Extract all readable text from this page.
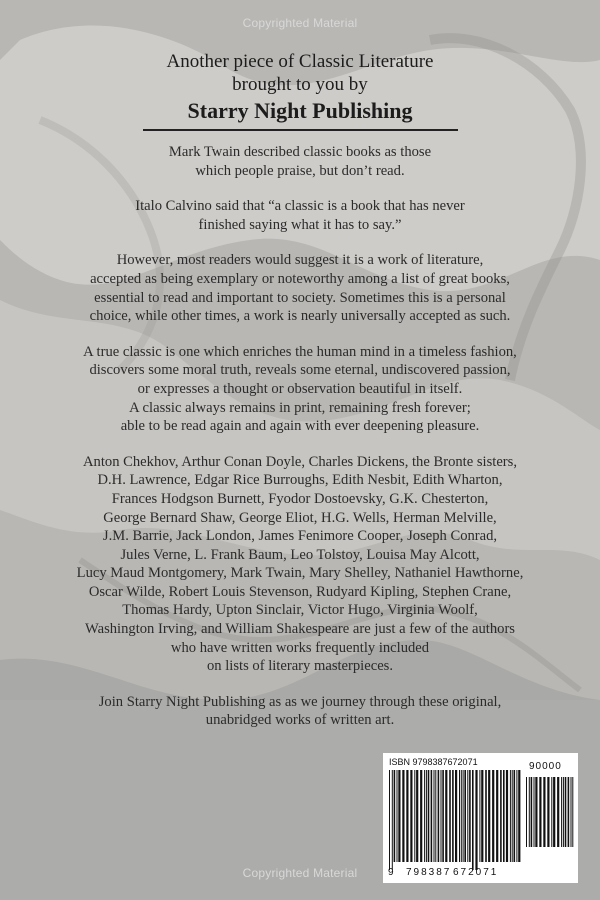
Copyrighted Material
Another piece of Classic Literature
brought to you by
Starry Night Publishing

Mark Twain described classic books as those
which people praise, but don’t read.

Italo Calvino said that “a classic is a book that has never
finished saying what it has to say.”

However, most readers would suggest it is a work of literature,
accepted as being exemplary or noteworthy among a list of great books,
essential to read and important to society. Sometimes this is a personal
choice, while other times, a work is nearly universally accepted as such.

A true classic is one which enriches the human mind in a timeless fashion,
discovers some moral truth, reveals some eternal, undiscovered passion,
or expresses a thought or observation beautiful in itself.
A classic always remains in print, remaining fresh forever;
able to be read again and again with ever deepening pleasure.

Anton Chekhov, Arthur Conan Doyle, Charles Dickens, the Bronte sisters,
D.H. Lawrence, Edgar Rice Burroughs, Edith Nesbit, Edith Wharton,
Frances Hodgson Burnett, Fyodor Dostoevsky, G.K. Chesterton,
George Bernard Shaw, George Eliot, H.G. Wells, Herman Melville,
J.M. Barrie, Jack London, James Fenimore Cooper, Joseph Conrad,
Jules Verne, L. Frank Baum, Leo Tolstoy, Louisa May Alcott,
Lucy Maud Montgomery, Mark Twain, Mary Shelley, Nathaniel Hawthorne,
Oscar Wilde, Robert Louis Stevenson, Rudyard Kipling, Stephen Crane,
Thomas Hardy, Upton Sinclair, Victor Hugo, Virginia Woolf,
Washington Irving, and William Shakespeare are just a few of the authors
who have written works frequently included
on lists of literary masterpieces.

Join Starry Night Publishing as as we journey through these original,
unabridged works of written art.

ISBN 9798387672071	90000
9 798387 672071
Copyrighted Material
